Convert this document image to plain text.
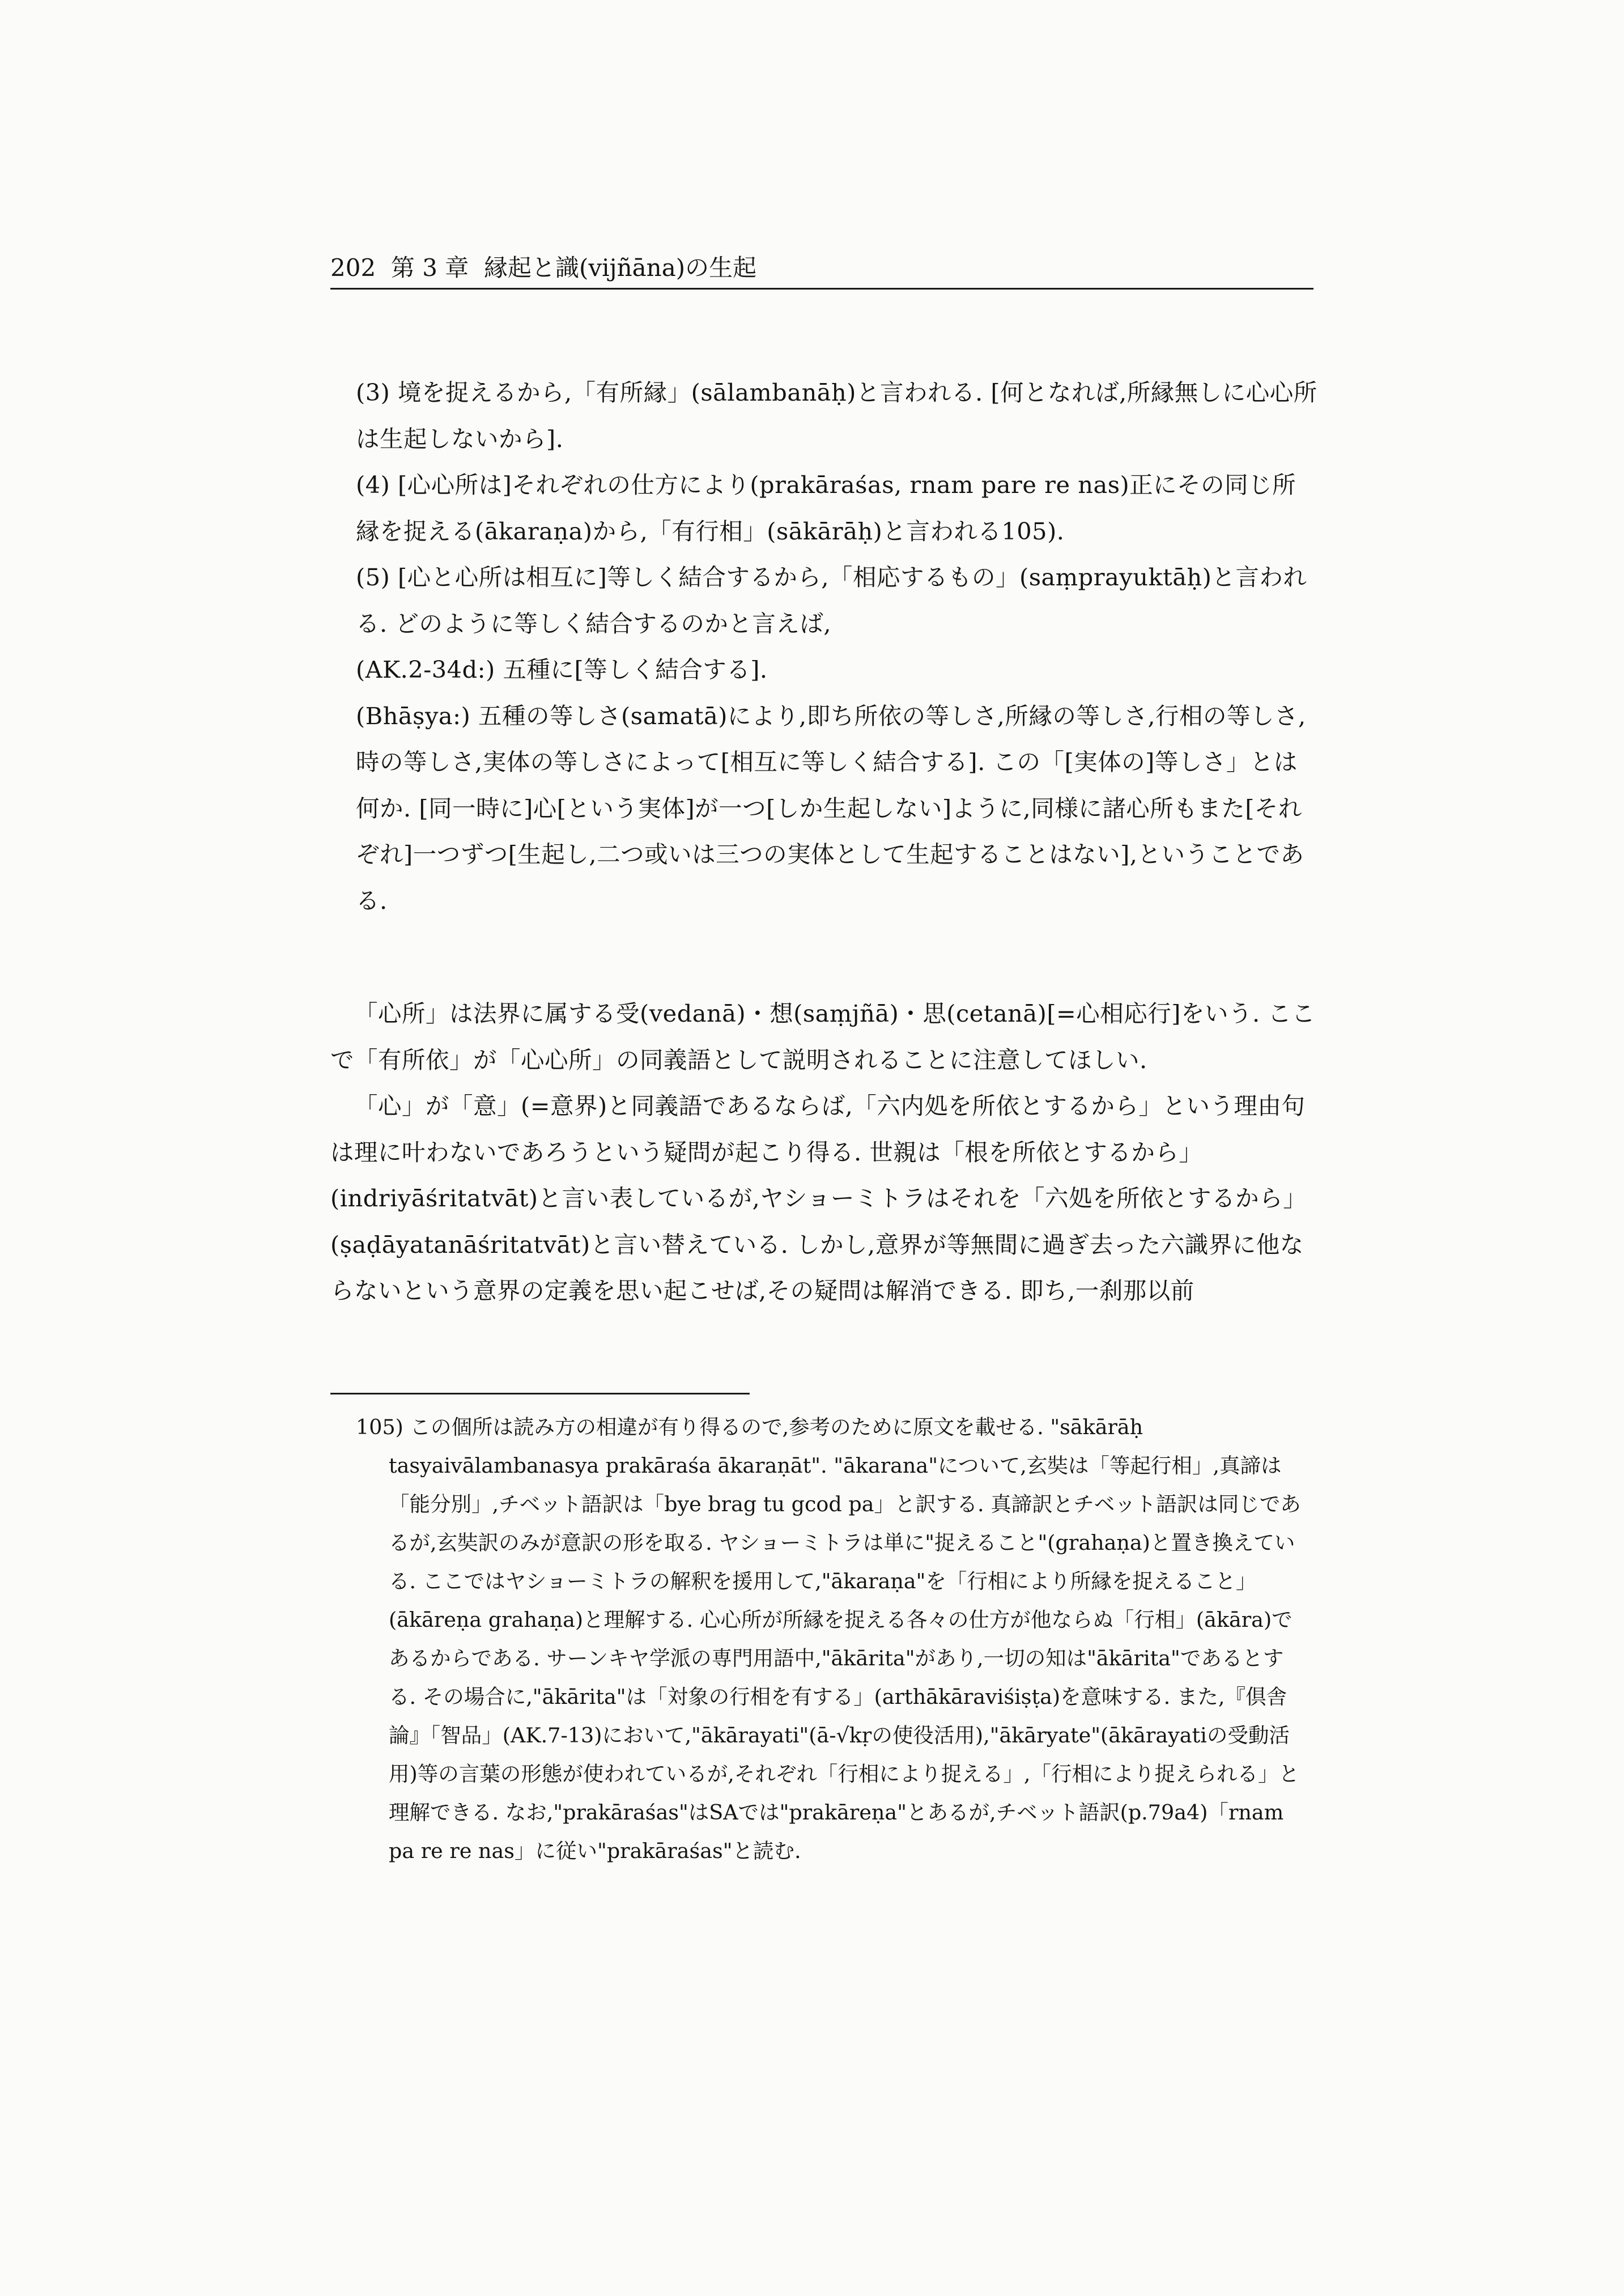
202 第 3 章 縁起と識(vijñāna)の生起

(3) 境を捉えるから,「有所縁」(sālambanāḥ)と言われる. [何となれば,所縁無しに心心所は生起しないから].

(4) [心心所は]それぞれの仕方により(prakāraśas, rnam pare re nas)正にその同じ所縁を捉える(ākaraṇa)から,「有行相」(sākārāḥ)と言われる105).

(5) [心と心所は相互に]等しく結合するから,「相応するもの」(saṃprayuktāḥ)と言われる. どのように等しく結合するのかと言えば,

(AK.2-34d:) 五種に[等しく結合する].

(Bhāṣya:) 五種の等しさ(samatā)により,即ち所依の等しさ,所縁の等しさ,行相の等しさ,時の等しさ,実体の等しさによって[相互に等しく結合する]. この「[実体の]等しさ」とは何か. [同一時に]心[という実体]が一つ[しか生起しない]ように,同様に諸心所もまた[それぞれ]一つずつ[生起し,二つ或いは三つの実体として生起することはない],ということである.

「心所」は法界に属する受(vedanā)・想(saṃjñā)・思(cetanā)[=心相応行]をいう. ここで「有所依」が「心心所」の同義語として説明されることに注意してほしい.

「心」が「意」(=意界)と同義語であるならば,「六内処を所依とするから」という理由句は理に叶わないであろうという疑問が起こり得る. 世親は「根を所依とするから」(indriyāśritatvāt)と言い表しているが,ヤショーミトラはそれを「六処を所依とするから」(ṣaḍāyatanāśritatvāt)と言い替えている. しかし,意界が等無間に過ぎ去った六識界に他ならないという意界の定義を思い起こせば,その疑問は解消できる. 即ち,一刹那以前

105) この個所は読み方の相違が有り得るので,参考のために原文を載せる. "sākārāḥ tasyaivālambanasya prakāraśa ākaraṇāt". "ākarana"について,玄奘は「等起行相」,真諦は「能分別」,チベット語訳は「bye brag tu gcod pa」と訳する. 真諦訳とチベット語訳は同じであるが,玄奘訳のみが意訳の形を取る. ヤショーミトラは単に"捉えること"(grahaṇa)と置き換えている. ここではヤショーミトラの解釈を援用して,"ākaraṇa"を「行相により所縁を捉えること」(ākāreṇa grahaṇa)と理解する. 心心所が所縁を捉える各々の仕方が他ならぬ「行相」(ākāra)であるからである. サーンキヤ学派の専門用語中,"ākārita"があり,一切の知は"ākārita"であるとする. その場合に,"ākārita"は「対象の行相を有する」(arthākāraviśiṣṭa)を意味する. また,『倶舎論』「智品」(AK.7-13)において,"ākārayati"(ā-√kṛの使役活用),"ākāryate"(ākārayatiの受動活用)等の言葉の形態が使われているが,それぞれ「行相により捉える」,「行相により捉えられる」と理解できる. なお,"prakāraśas"はSAでは"prakāreṇa"とあるが,チベット語訳(p.79a4)「rnam pa re re nas」に従い"prakāraśas"と読む.
